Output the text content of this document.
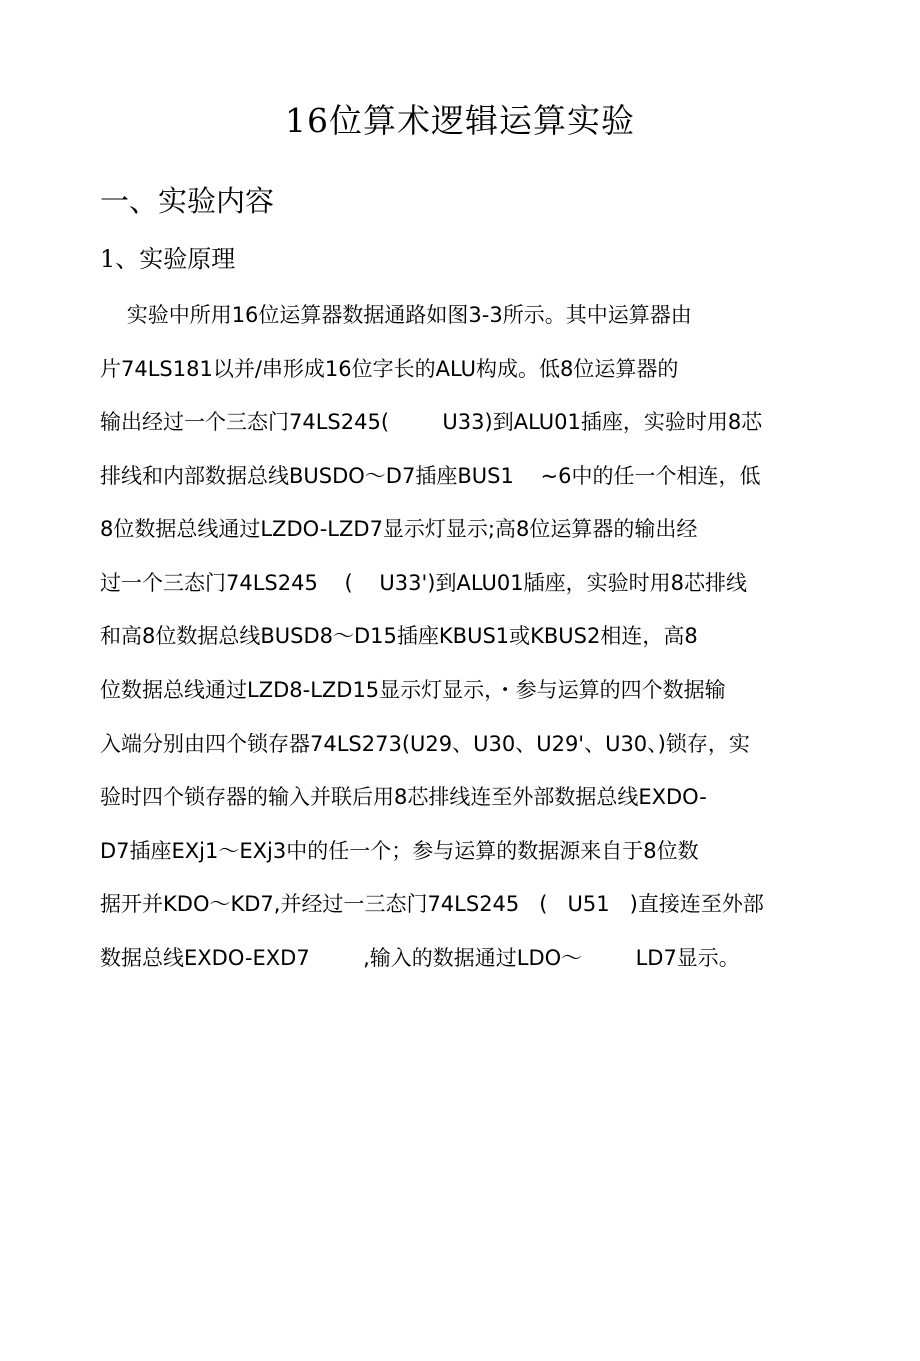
16位算术逻辑运算实验
一、实验内容
1、实验原理
实验中所用16位运算器数据通路如图3-3所示。其中运算器由
片74LS181以并/串形成16位字长的ALU构成。低8位运算器的
输出经过一个三态门74LS245(        U33)到ALU01插座，实验时用8芯
排线和内部数据总线BUSDO～D7插座BUS1    ~6中的任一个相连，低
8位数据总线通过LZDO-LZD7显示灯显示;高8位运算器的输出经
过一个三态门74LS245    (    U33')到ALU01牐座，实验时用8芯排线
和高8位数据总线BUSD8～D15插座KBUS1或KBUS2相连，高8
位数据总线通过LZD8-LZD15显示灯显示，・参与运算的四个数据输
入端分别由四个锁存器74LS273(U29、U30、U29'、U30、)锁存，实
验时四个锁存器的输入并联后用8芯排线连至外部数据总线EXDO-
D7插座EXj1～EXj3中的任一个；参与运算的数据源来自于8位数
据开并KDO～KD7,并经过一三态门74LS245   (   U51   )直接连至外部
数据总线EXDO-EXD7        ,输入的数据通过LDO～        LD7显示。
